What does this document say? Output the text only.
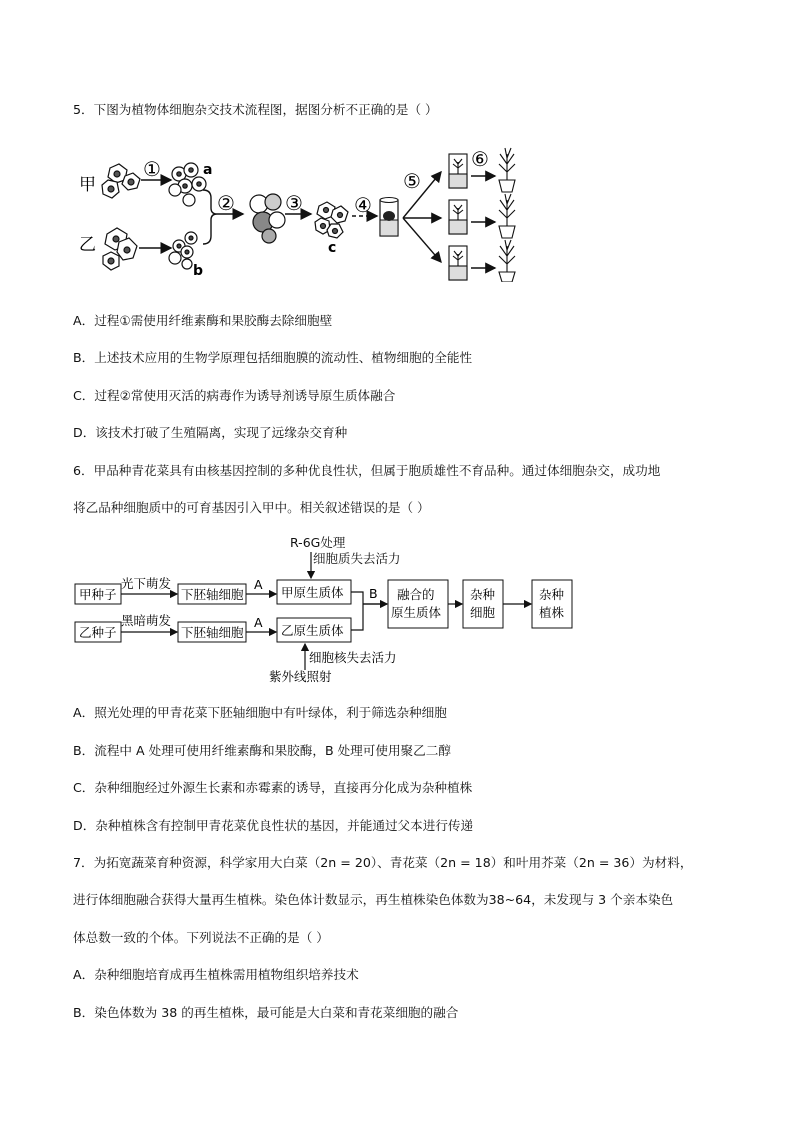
5．下图为植物体细胞杂交技术流程图，据图分析不正确的是（ ）
甲
①	a
乙
b
②	③
c
④
⑤
⑥
A．过程①需使用纤维素酶和果胶酶去除细胞壁
B．上述技术应用的生物学原理包括细胞膜的流动性、植物细胞的全能性
C．过程②常使用灭活的病毒作为诱导剂诱导原生质体融合
D．该技术打破了生殖隔离，实现了远缘杂交育种
6．甲品种青花菜具有由核基因控制的多种优良性状，但属于胞质雄性不育品种。通过体细胞杂交，成功地
将乙品种细胞质中的可育基因引入甲中。相关叙述错误的是（ ）
R-6G处理
细胞质失去活力
甲种子
光下萌发
下胚轴细胞
A
甲原生质体
乙种子
黑暗萌发
下胚轴细胞
A
乙原生质体
B 融合的
原生质体
杂种
细胞
杂种
植株
细胞核失去活力
紫外线照射
A．照光处理的甲青花菜下胚轴细胞中有叶绿体，利于筛选杂种细胞
B．流程中 A 处理可使用纤维素酶和果胶酶，B 处理可使用聚乙二醇
C．杂种细胞经过外源生长素和赤霉素的诱导，直接再分化成为杂种植株
D．杂种植株含有控制甲青花菜优良性状的基因，并能通过父本进行传递
7．为拓宽蔬菜育种资源，科学家用大白菜（2n = 20）、青花菜（2n = 18）和叶用芥菜（2n = 36）为材料，
进行体细胞融合获得大量再生植株。染色体计数显示，再生植株染色体数为38~64，未发现与 3 个亲本染色
体总数一致的个体。下列说法不正确的是（ ）
A．杂种细胞培育成再生植株需用植物组织培养技术
B．染色体数为 38 的再生植株，最可能是大白菜和青花菜细胞的融合
